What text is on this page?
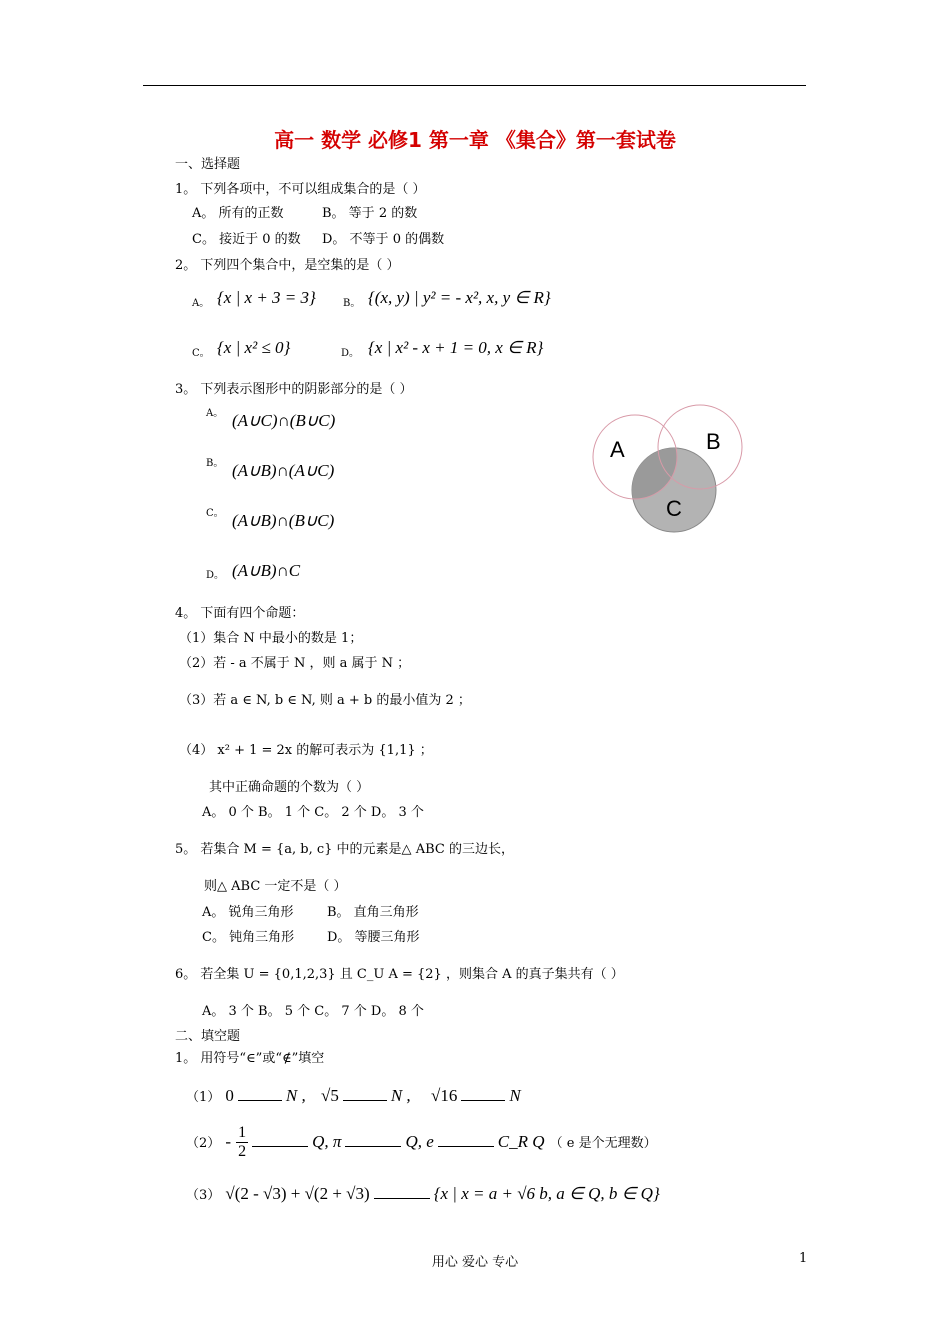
高一 数学 必修1 第一章 《集合》第一套试卷
一、选择题
1。 下列各项中，不可以组成集合的是（ ）
A。 所有的正数	B。 等于 2 的数
C。 接近于 0 的数 D。 不等于 0 的偶数
2。 下列四个集合中，是空集的是（ ）
A。 {x | x + 3 = 3}	B。 {(x, y) | y² = - x², x, y ∈ R}
C。 {x | x² ≤ 0}	D。 {x | x² - x + 1 = 0, x ∈ R}
3。 下列表示图形中的阴影部分的是（ ）
A。 (A∪C)∩(B∪C)
B。 (A∪B)∩(A∪C)
C。 (A∪B)∩(B∪C)
D。 (A∪B)∩C
A	B
C
4。 下面有四个命题：
（1）集合 N 中最小的数是 1；
（2）若 - a 不属于 N ，则 a 属于 N ；
（3）若 a ∈ N, b ∈ N, 则 a + b 的最小值为 2 ；
（4） x² + 1 = 2x 的解可表示为 {1,1} ；
其中正确命题的个数为（ ）
A。 0 个 B。 1 个 C。 2 个 D。 3 个
5。 若集合 M = {a, b, c} 中的元素是△ ABC 的三边长，
则△ ABC 一定不是（ ）
A。 锐角三角形	B。 直角三角形
C。 钝角三角形	D。 等腰三角形
6。 若全集 U = {0,1,2,3} 且 C_U A = {2} ，则集合 A 的真子集共有（ ）
A。 3 个 B。 5 个 C。 7 个 D。 8 个
二、填空题
1。 用符号“∈”或“∉”填空
（1） 0	N , √5	N , √16	N
$(2) - \frac{1}{2}$	Q, π	Q, e	C_R Q （ e 是个无理数）
（3） √(2 - √3) + √(2 + √3)	{x | x = a + √6 b, a ∈ Q, b ∈ Q}
用心 爱心 专心	1
